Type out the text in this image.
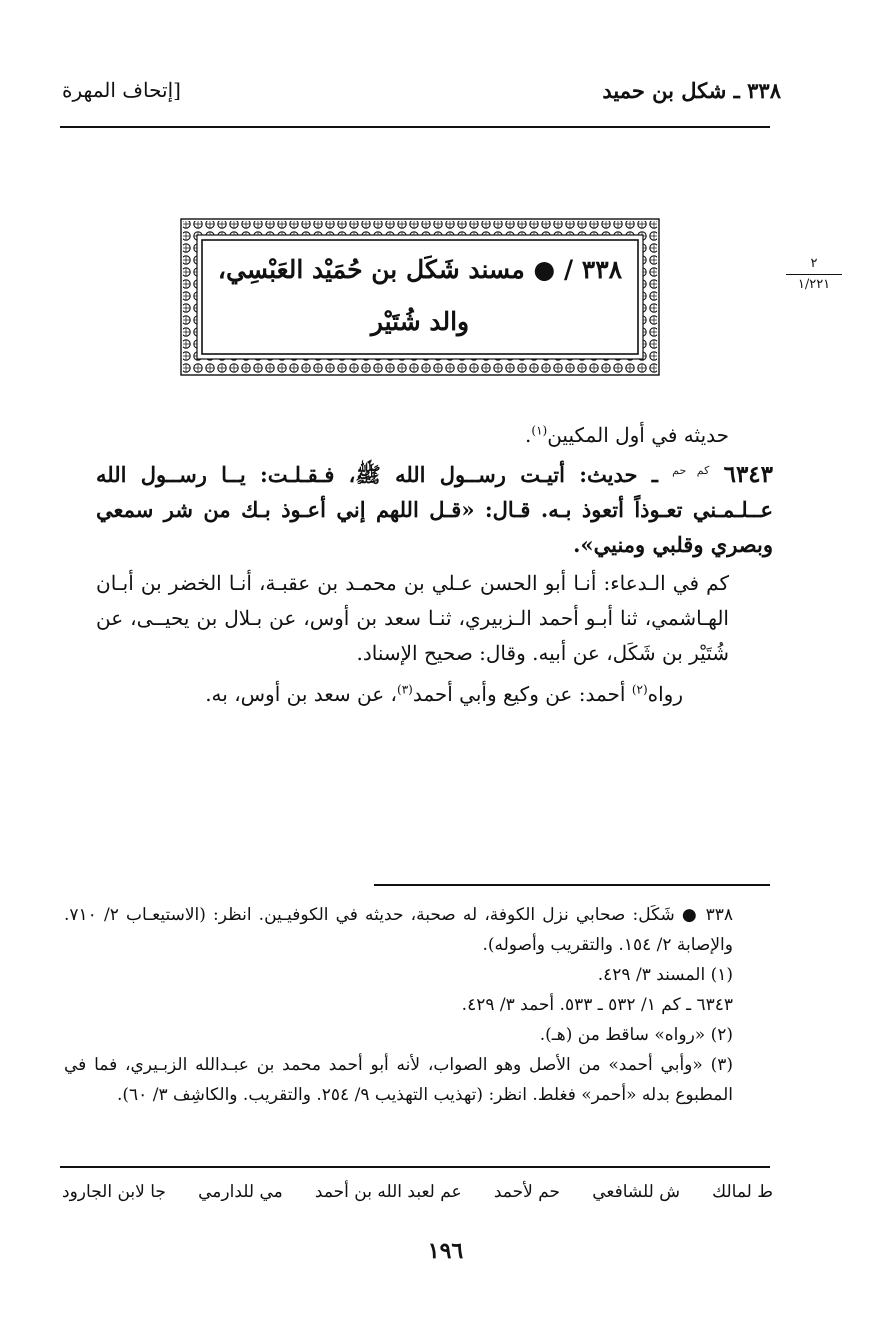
٣٣٨ ـ شكل بن حميد
[إتحاف المهرة
٢
١/٢٢١
٣٣٨ / ● مسند شَكَل بن حُمَيْد العَبْسِي،
والد شُتَيْر

حديثه في أول المكيين$^{(١)}$.

٦٣٤٣ $^{كم حم}$ ـ حديث: أتيـت رســول الله ﷺ، فـقـلـت: يــا رســول الله عــلـمـني تعـوذاً أتعوذ بـه. قـال: «قـل اللهم إني أعـوذ بـك من شر سمعي وبصري وقلبي ومنيي».

كم في الـدعاء: أنـا أبو الحسن عـلي بن محمـد بن عقبـة، أنـا الخضر بن أبـان الهـاشمي، ثنا أبـو أحمد الـزبيري، ثنـا سعد بن أوس، عن بـلال بن يحيــى، عن شُتَيْر بن شَكَل، عن أبيه. وقال: صحيح الإسناد.

رواه$^{(٢)}$ أحمد: عن وكيع وأبي أحمد$^{(٣)}$، عن سعد بن أوس، به.

٣٣٨ ● شَكَل: صحابي نزل الكوفة، له صحبة، حديثه في الكوفيـين. انظر: (الاستيعـاب ٢/ ٧١٠. والإصابة ٢/ ١٥٤. والتقريب وأصوله).

(١) المسند ٣/ ٤٢٩.

٦٣٤٣ ـ كم ١/ ٥٣٢ ـ ٥٣٣. أحمد ٣/ ٤٢٩.

(٢) «رواه» ساقط من (هـ).

(٣) «وأبي أحمد» من الأصل وهو الصواب، لأنه أبو أحمد محمد بن عبـدالله الزبـيري، فما في المطبوع بدله «أحمر» فغلط. انظر: (تهذيب التهذيب ٩/ ٢٥٤. والتقريب. والكاشِف ٣/ ٦٠).

ط لمالك
ش للشافعي
حم لأحمد
عم لعبد الله بن أحمد
مي للدارمي
جا لابن الجارود
١٩٦
